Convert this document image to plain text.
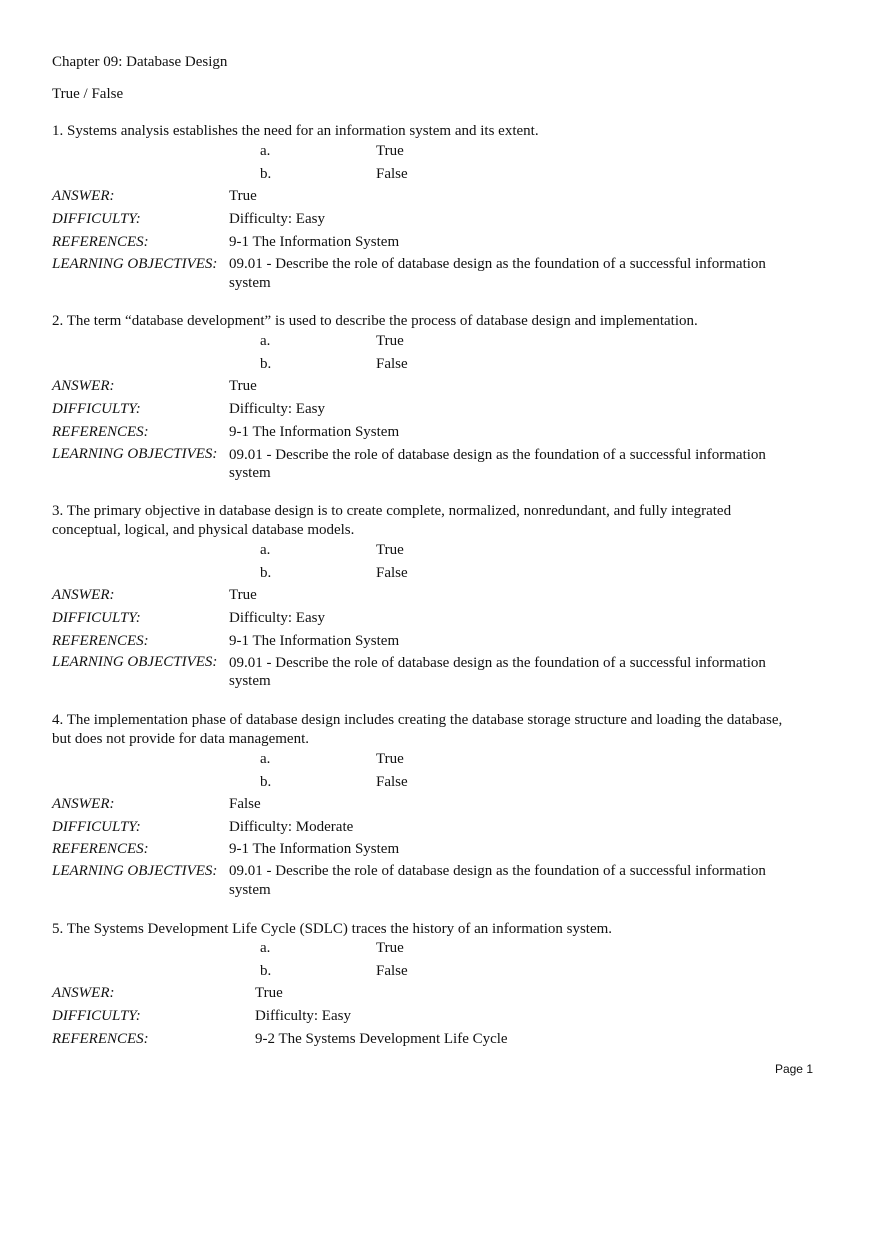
Chapter 09: Database Design
True / False
1. Systems analysis establishes the need for an information system and its extent.
a.	True
b.	False
ANSWER:	True
DIFFICULTY:	Difficulty: Easy
REFERENCES:	9-1 The Information System
LEARNING OBJECTIVES: 09.01 - Describe the role of database design as the foundation of a successful information
system
2. The term “database development” is used to describe the process of database design and implementation.
a.	True
b.	False
ANSWER:	True
DIFFICULTY:	Difficulty: Easy
REFERENCES:	9-1 The Information System
LEARNING OBJECTIVES: 09.01 - Describe the role of database design as the foundation of a successful information
system
3. The primary objective in database design is to create complete, normalized, nonredundant, and fully integrated
conceptual, logical, and physical database models.
a.	True
b.	False
ANSWER:	True
DIFFICULTY:	Difficulty: Easy
REFERENCES:	9-1 The Information System
LEARNING OBJECTIVES: 09.01 - Describe the role of database design as the foundation of a successful information
system
4. The implementation phase of database design includes creating the database storage structure and loading the database,
but does not provide for data management.
a.	True
b.	False
ANSWER:	False
DIFFICULTY:	Difficulty: Moderate
REFERENCES:	9-1 The Information System
LEARNING OBJECTIVES: 09.01 - Describe the role of database design as the foundation of a successful information
system
5. The Systems Development Life Cycle (SDLC) traces the history of an information system.
a.	True
b.	False
ANSWER:	True
DIFFICULTY:	Difficulty: Easy
REFERENCES:	9-2 The Systems Development Life Cycle
Page 1
